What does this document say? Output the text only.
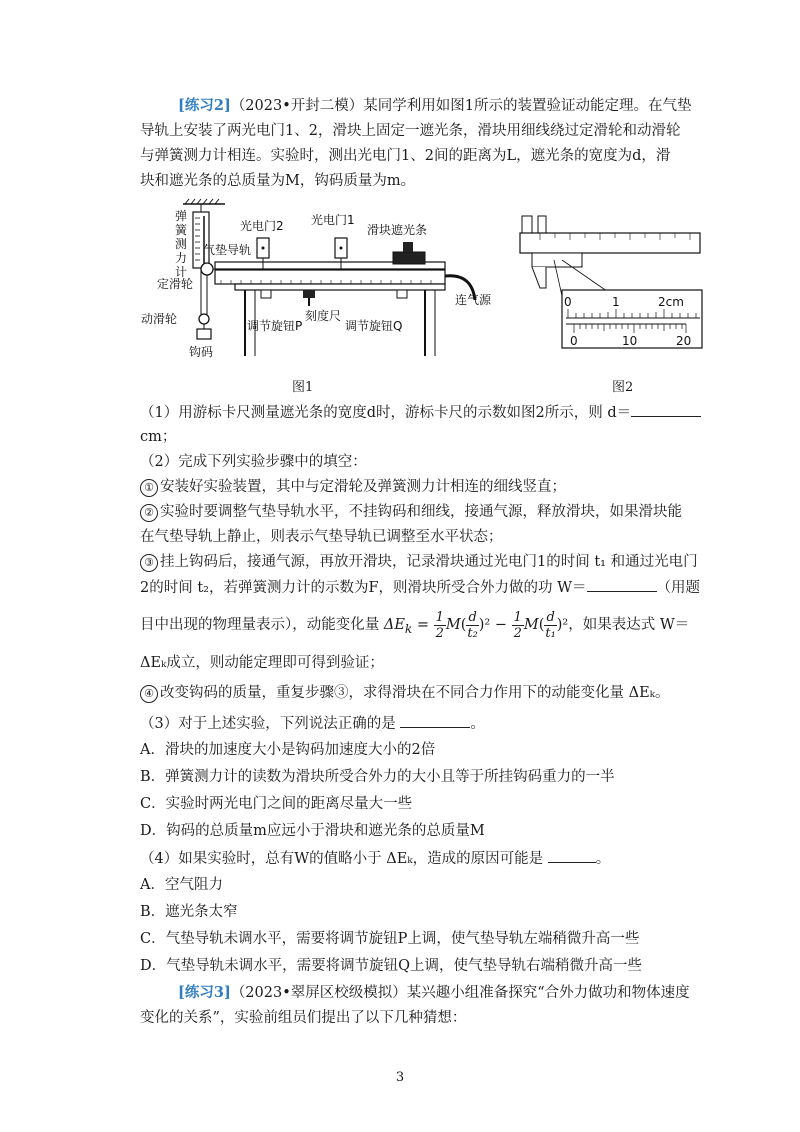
[练习2]（2023•开封二模）某同学利用如图1所示的装置验证动能定理。在气垫
导轨上安装了两光电门1、2，滑块上固定一遮光条，滑块用细线绕过定滑轮和动滑轮
与弹簧测力计相连。实验时，测出光电门1、2间的距离为L，遮光条的宽度为d，滑
块和遮光条的总质量为M，钩码质量为m。
弹
簧
测
力
计
定滑轮
动滑轮
钩码
气垫导轨
光电门2 光电门1
滑块遮光条
连气源
刻度尺
调节旋钮P	调节旋钮Q
图1
0	1	2cm
0	10	20
图2
（1）用游标卡尺测量遮光条的宽度d时，游标卡尺的示数如图2所示，则 d＝
cm；
（2）完成下列实验步骤中的填空：
① 安装好实验装置，其中与定滑轮及弹簧测力计相连的细线竖直；
② 实验时要调整气垫导轨水平，不挂钩码和细线，接通气源，释放滑块，如果滑块能
在气垫导轨上静止，则表示气垫导轨已调整至水平状态；
③ 挂上钩码后，接通气源，再放开滑块，记录滑块通过光电门1的时间 t₁ 和通过光电门
2的时间 t₂，若弹簧测力计的示数为F，则滑块所受合外力做的功 W＝	（用题
目中出现的物理量表示），动能变化量 $\Delta E_k = \frac{1}{2} M( \frac{d}{\text{t₂}} )^2 - \frac{1}{2} M( \frac{d}{\text{t₁}} )^2$，如果表达式 W＝
ΔEₖ成立，则动能定理即可得到验证；
④ 改变钩码的质量，重复步骤③，求得滑块在不同合力作用下的动能变化量 ΔEₖ。
（3）对于上述实验，下列说法正确的是	。
A．滑块的加速度大小是钩码加速度大小的2倍
B．弹簧测力计的读数为滑块所受合外力的大小且等于所挂钩码重力的一半
C．实验时两光电门之间的距离尽量大一些
D．钩码的总质量m应远小于滑块和遮光条的总质量M
（4）如果实验时，总有W的值略小于 ΔEₖ，造成的原因可能是	。
A．空气阻力
B．遮光条太窄
C．气垫导轨未调水平，需要将调节旋钮P上调，使气垫导轨左端稍微升高一些
D．气垫导轨未调水平，需要将调节旋钮Q上调，使气垫导轨右端稍微升高一些
[练习3]（2023•翠屏区校级模拟）某兴趣小组准备探究“合外力做功和物体速度
变化的关系”，实验前组员们提出了以下几种猜想：
3
